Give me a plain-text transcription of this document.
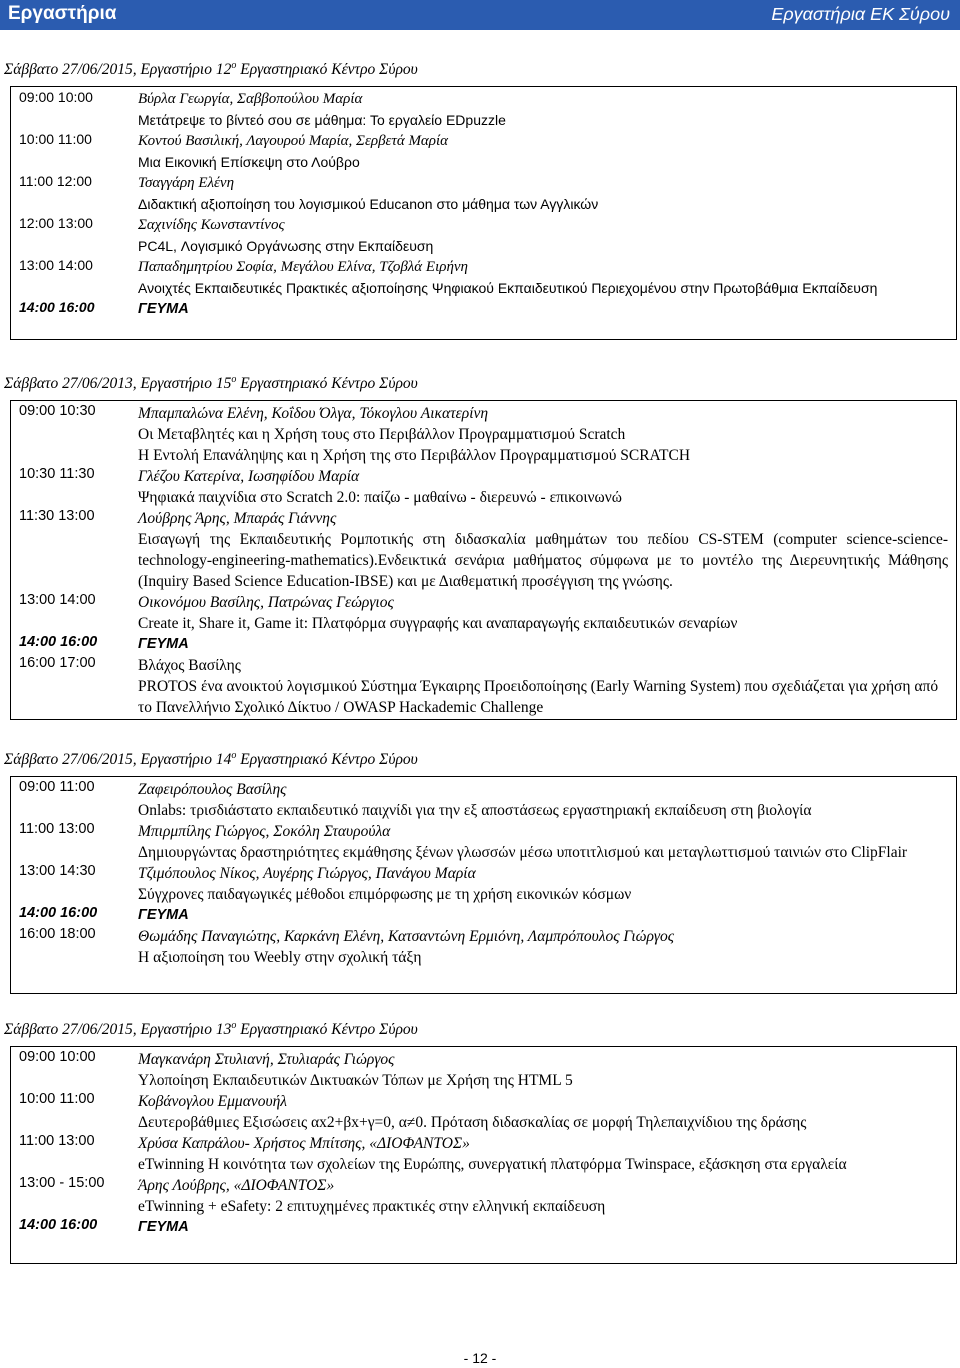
Εργαστήρια	Εργαστήρια ΕΚ Σύρου
Σάββατο 27/06/2015, Εργαστήριο $12^o$ Εργαστηριακό Κέντρο Σύρου
09:00 10:00	Βύρλα Γεωργία, Σαββοπούλου Μαρία
Μετάτρεψε το βίντεό σου σε μάθημα: Το εργαλείο EDpuzzle
10:00 11:00	Κοντού Βασιλική, Λαγουρού Μαρία, Σερβετά Μαρία
Μια Εικονική Επίσκεψη στο Λούβρο
11:00 12:00	Τσαγγάρη Ελένη
Διδακτική αξιοποίηση του λογισμικού Educanon στο μάθημα των Αγγλικών
12:00 13:00	Σαχινίδης Κωνσταντίνος
PC4L, Λογισμικό Οργάνωσης στην Εκπαίδευση
13:00 14:00	Παπαδημητρίου Σοφία, Μεγάλου Ελίνα, Τζοβλά Ειρήνη
Ανοιχτές Εκπαιδευτικές Πρακτικές αξιοποίησης Ψηφιακού Εκπαιδευτικού Περιεχομένου στην Πρωτοβάθμια Εκπαίδευση
14:00 16:00	ΓΕΥΜΑ
Σάββατο 27/06/2013, Εργαστήριο $15^o$ Εργαστηριακό Κέντρο Σύρου
09:00 10:30	Μπαμπαλώνα Ελένη, Κοΐδου Όλγα, Τόκογλου Αικατερίνη
Οι Μεταβλητές και η Χρήση τους στο Περιβάλλον Προγραμματισμού Scratch
Η Εντολή Επανάληψης και η Χρήση της στο Περιβάλλον Προγραμματισμού SCRATCH
10:30 11:30	Γλέζου Κατερίνα, Ιωσηφίδου Μαρία
Ψηφιακά παιχνίδια στο Scratch 2.0: παίζω - μαθαίνω - διερευνώ - επικοινωνώ
11:30 13:00	Λούβρης Άρης, Μπαράς Γιάννης
Εισαγωγή της Εκπαιδευτικής Ρομποτικής στη διδασκαλία μαθημάτων του πεδίου CS-STEM (computer science-science-technology-engineering-mathematics).Ενδεικτικά σενάρια μαθήματος σύμφωνα με το μοντέλο της Διερευνητικής Μάθησης (Inquiry Based Science Education-IBSE) και με Διαθεματική προσέγγιση της γνώσης.
13:00 14:00	Οικονόμου Βασίλης, Πατρώνας Γεώργιος
Create it, Share it, Game it: Πλατφόρμα συγγραφής και αναπαραγωγής εκπαιδευτικών σεναρίων
14:00 16:00	ΓΕΥΜΑ
16:00 17:00	Βλάχος Βασίλης
PROTOS ένα ανοικτού λογισμικού Σύστημα Έγκαιρης Προειδοποίησης (Early Warning System) που σχεδιάζεται για χρήση από το Πανελλήνιο Σχολικό Δίκτυο / OWASP Hackademic Challenge
Σάββατο 27/06/2015, Εργαστήριο $14^o$ Εργαστηριακό Κέντρο Σύρου
09:00 11:00	Ζαφειρόπουλος Βασίλης
Onlabs: τρισδιάστατο εκπαιδευτικό παιχνίδι για την εξ αποστάσεως εργαστηριακή εκπαίδευση στη βιολογία
11:00 13:00	Μπιρμπίλης Γιώργος, Σοκόλη Σταυρούλα
Δημιουργώντας δραστηριότητες εκμάθησης ξένων γλωσσών μέσω υποτιτλισμού και μεταγλωττισμού ταινιών στο ClipFlair
13:00 14:30	Τζιμόπουλος Νίκος, Αυγέρης Γιώργος, Πανάγου Μαρία
Σύγχρονες παιδαγωγικές μέθοδοι επιμόρφωσης με τη χρήση εικονικών κόσμων
14:00 16:00	ΓΕΥΜΑ
16:00 18:00	Θωμάδης Παναγιώτης, Καρκάνη Ελένη, Κατσαντώνη Ερμιόνη, Λαμπρόπουλος Γιώργος
Η αξιοποίηση του Weebly στην σχολική τάξη
Σάββατο 27/06/2015, Εργαστήριο $13^o$ Εργαστηριακό Κέντρο Σύρου
09:00 10:00	Μαγκανάρη Στυλιανή, Στυλιαράς Γιώργος
Υλοποίηση Εκπαιδευτικών Δικτυακών Τόπων με Χρήση της HTML 5
10:00 11:00	Κοβάνογλου Εμμανουήλ
Δευτεροβάθμιες Εξισώσεις αx2+βx+γ=0, α≠0. Πρόταση διδασκαλίας σε μορφή Τηλεπαιχνίδιου της δράσης
11:00 13:00	Χρύσα Καπράλου- Χρήστος Μπίτσης, «ΔΙΟΦΑΝΤΟΣ»
eTwinning Η κοινότητα των σχολείων της Ευρώπης, συνεργατική πλατφόρμα Twinspace, εξάσκηση στα εργαλεία
13:00 - 15:00 Άρης Λούβρης, «ΔΙΟΦΑΝΤΟΣ»
eTwinning + eSafety: 2 επιτυχημένες πρακτικές στην ελληνική εκπαίδευση
14:00 16:00	ΓΕΥΜΑ
- 12 -
